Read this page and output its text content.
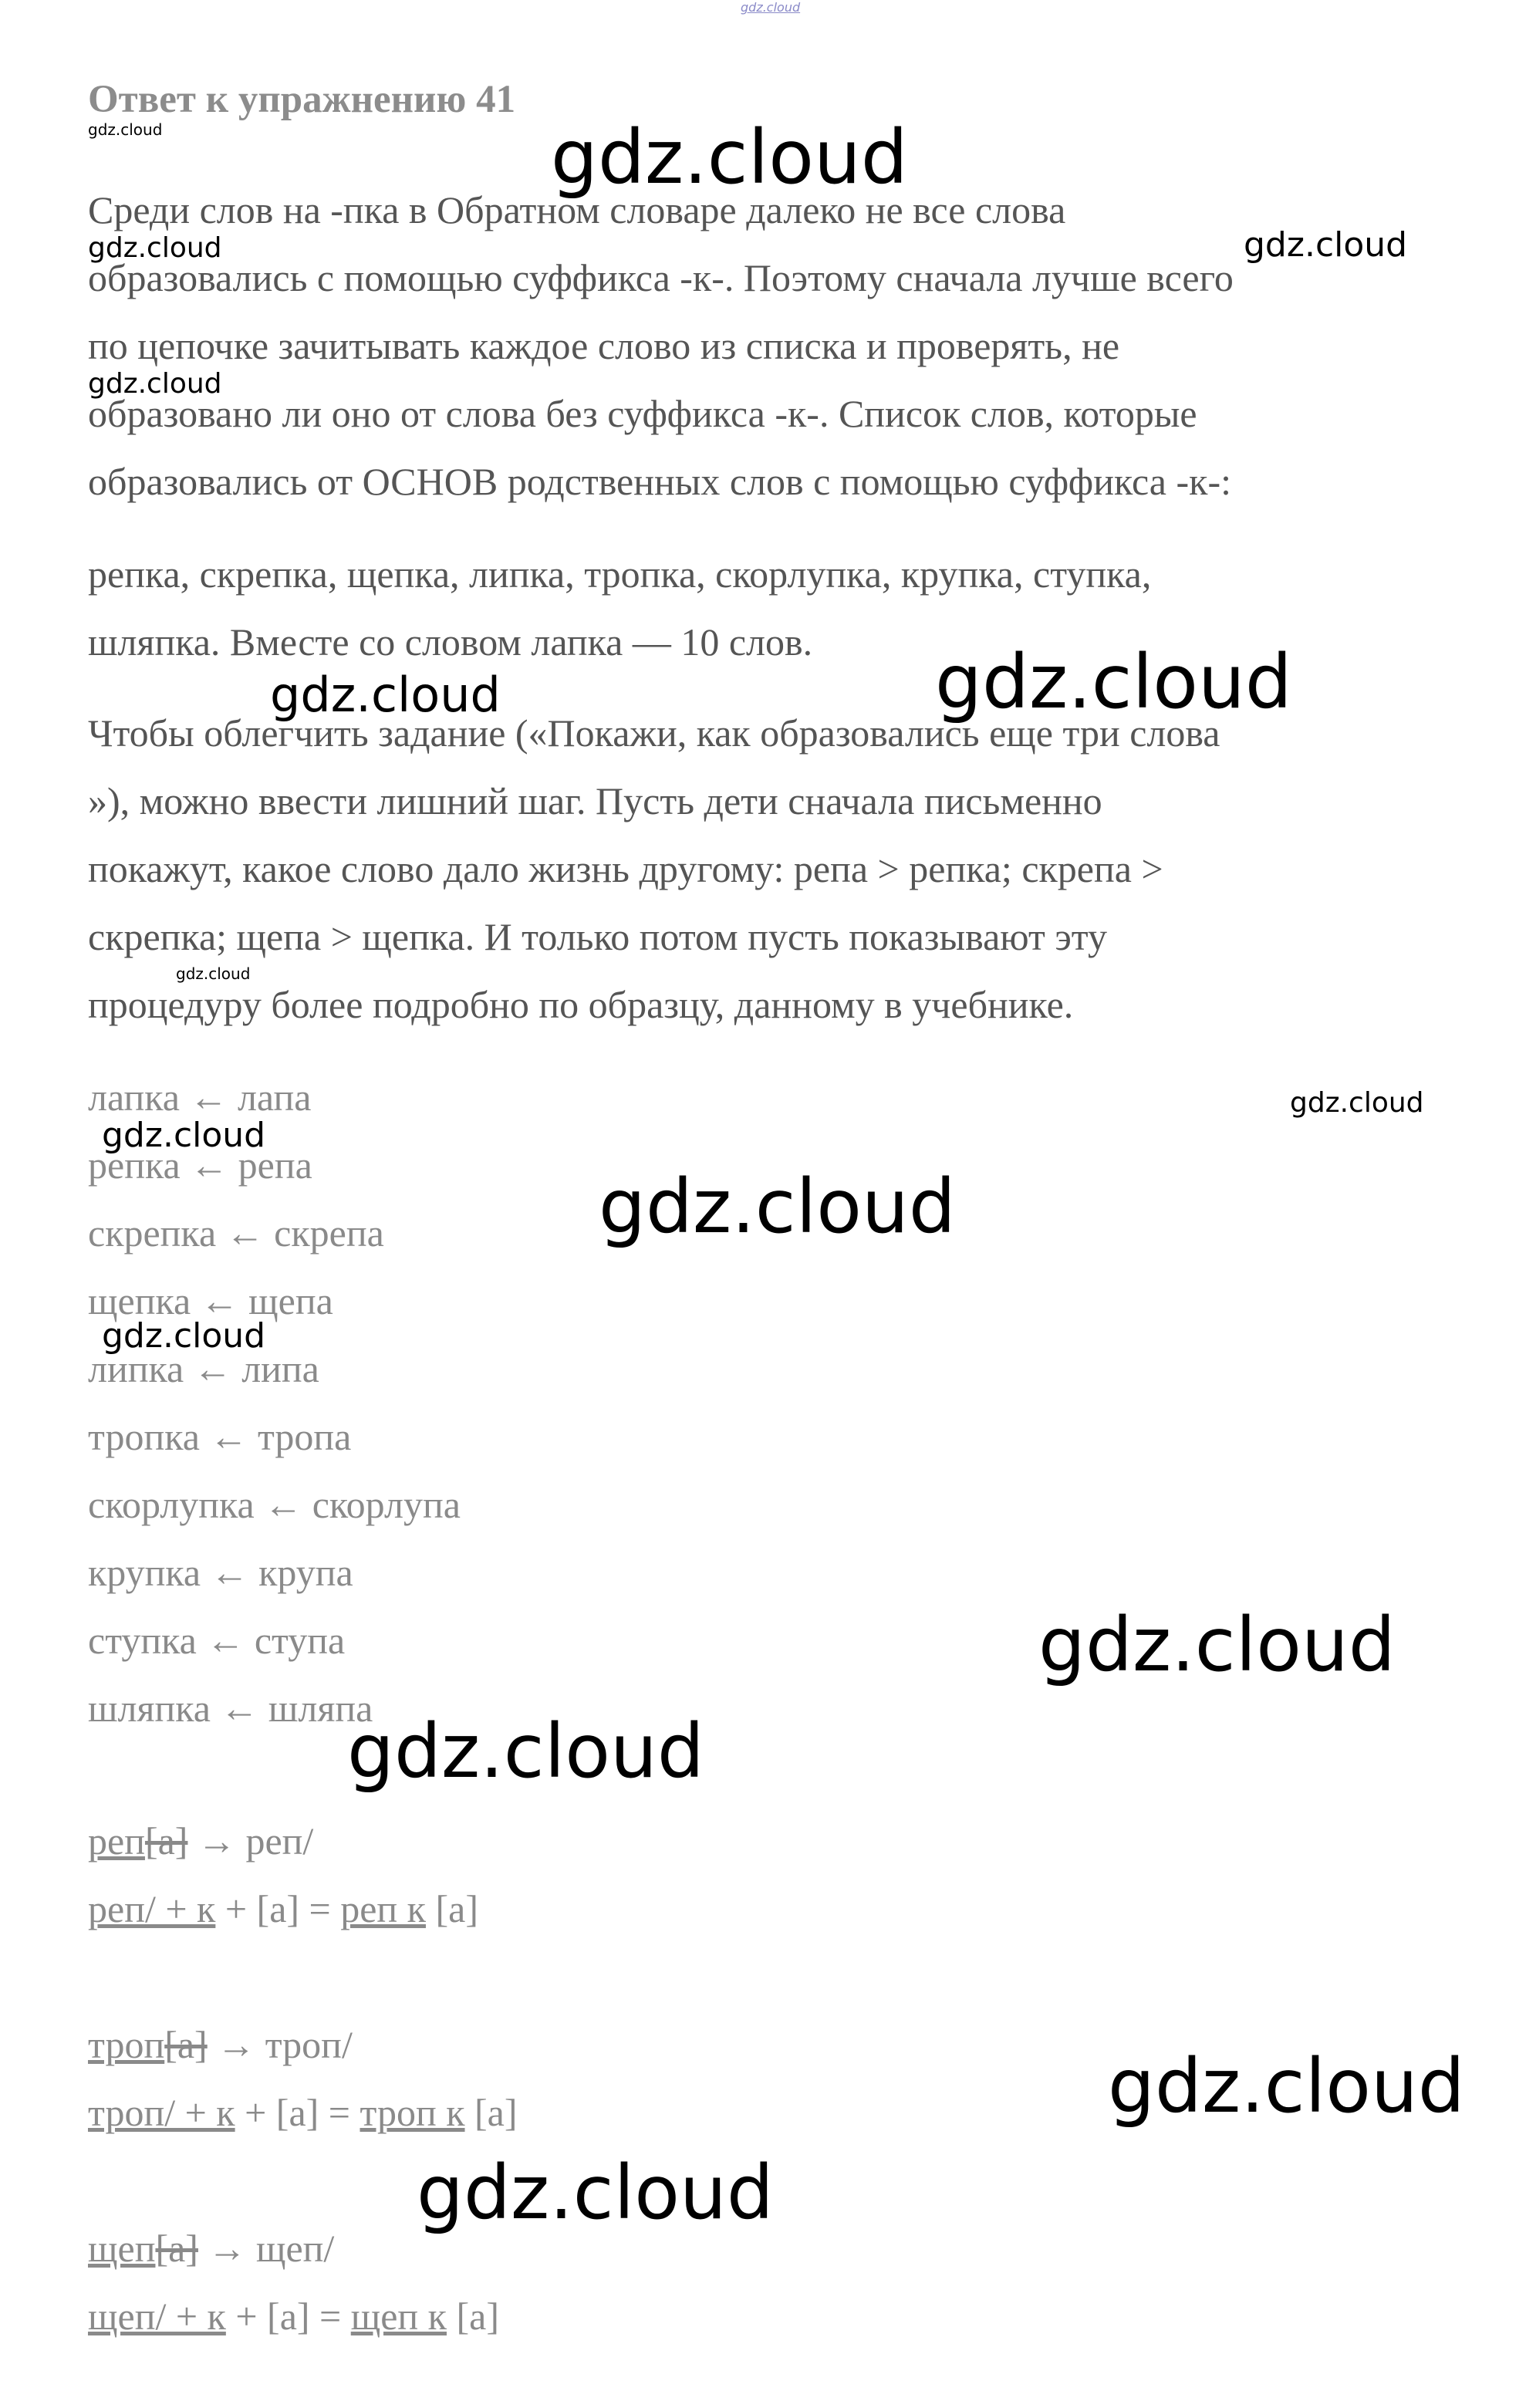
gdz.cloud
Ответ к упражнению 41
Среди слов на -пка в Обратном словаре далеко не все слова
образовались с помощью суффикса -к-. Поэтому сначала лучше всего
по цепочке зачитывать каждое слово из списка и проверять, не
образовано ли оно от слова без суффикса -к-. Список слов, которые
образовались от ОСНОВ родственных слов с помощью суффикса -к-:
репка, скрепка, щепка, липка, тропка, скорлупка, крупка, ступка,
шляпка. Вместе со словом лапка — 10 слов.
Чтобы облегчить задание («Покажи, как образовались еще три слова
»), можно ввести лишний шаг. Пусть дети сначала письменно
покажут, какое слово дало жизнь другому: репа > репка; скрепа >
скрепка; щепа > щепка. И только потом пусть показывают эту
процедуру более подробно по образцу, данному в учебнике.
лапка ← лапа
репка ← репа
скрепка ← скрепа
щепка ← щепа
липка ← липа
тропка ← тропа
скорлупка ← скорлупа
крупка ← крупа
ступка ← ступа
шляпка ← шляпа
реп[а] → реп/
реп/ + к + [а] = реп к [а]
троп[а] → троп/
троп/ + к + [а] = троп к [а]
щеп[а] → щеп/
щеп/ + к + [а] = щеп к [а]
gdz.cloud	gdz.cloud
gdz.cloud	gdz.cloud
gdz.cloud
gdz.cloud	gdz.cloud
gdz.cloud
gdz.cloud
gdz.cloud
gdz.cloud
gdz.cloud
gdz.cloud
gdz.cloud
gdz.cloud
gdz.cloud
